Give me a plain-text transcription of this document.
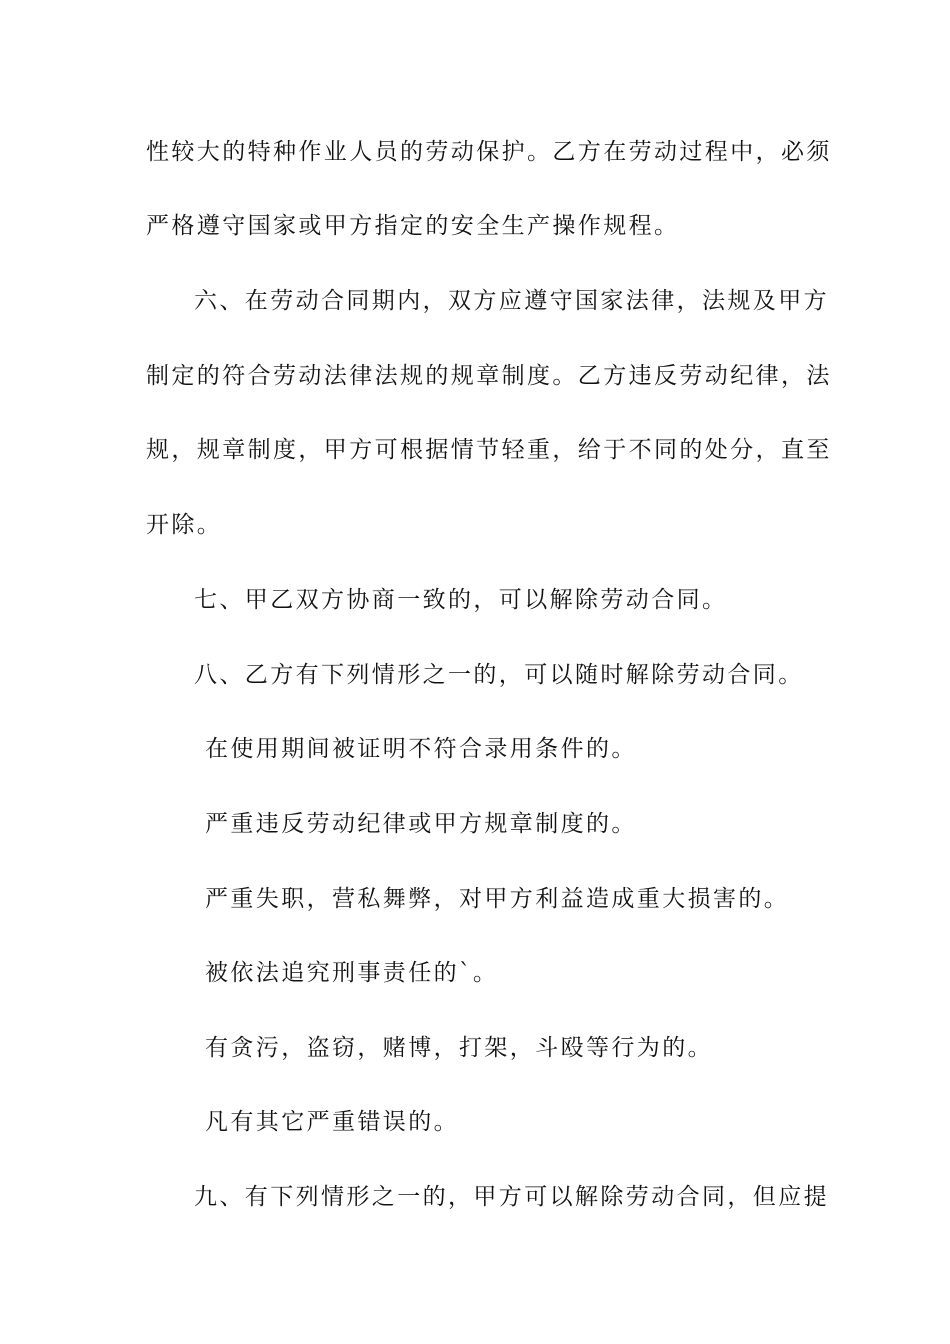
性较大的特种作业人员的劳动保护。乙方在劳动过程中，必须
严格遵守国家或甲方指定的安全生产操作规程。
六、在劳动合同期内，双方应遵守国家法律，法规及甲方
制定的符合劳动法律法规的规章制度。乙方违反劳动纪律，法
规，规章制度，甲方可根据情节轻重，给于不同的处分，直至
开除。
七、甲乙双方协商一致的，可以解除劳动合同。
八、乙方有下列情形之一的，可以随时解除劳动合同。
在使用期间被证明不符合录用条件的。
严重违反劳动纪律或甲方规章制度的。
严重失职，营私舞弊，对甲方利益造成重大损害的。
被依法追究刑事责任的`。
有贪污，盗窃，赌博，打架，斗殴等行为的。
凡有其它严重错误的。
九、有下列情形之一的，甲方可以解除劳动合同，但应提
